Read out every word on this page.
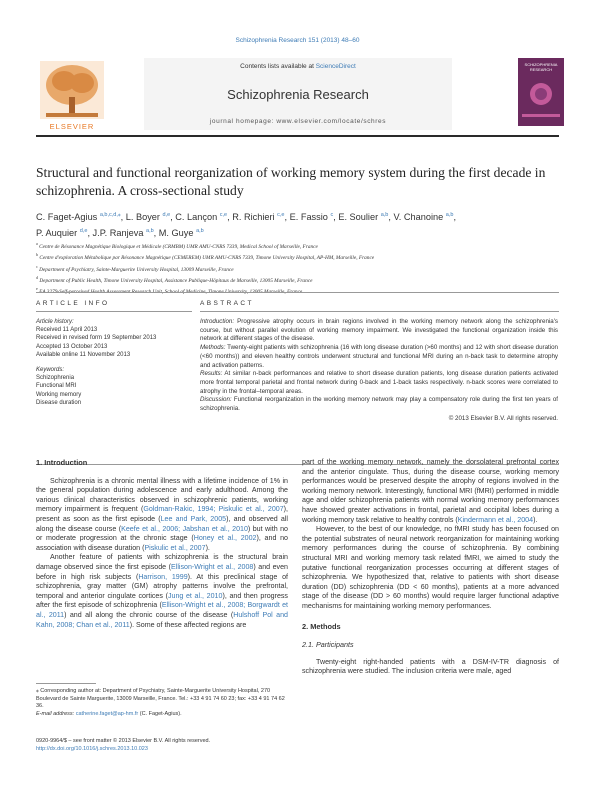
Schizophrenia Research 151 (2013) 48–60
Contents lists available at ScienceDirect
Schizophrenia Research
journal homepage: www.elsevier.com/locate/schres
ELSEVIER
SCHIZOPHRENIA RESEARCH
Structural and functional reorganization of working memory system during the first decade in schizophrenia. A cross-sectional study
C. Faget-Agius $^{a,b,c,d,⁎}$, L. Boyer $^{d,e}$, C. Lançon $^{c,e}$, R. Richieri $^{c,e}$, E. Fassio $^c$, E. Soulier $^{a,b}$, V. Chanoine $^{a,b}$,
P. Auquier $^{d,e}$, J.P. Ranjeva $^{a,b}$, M. Guye $^{a,b}$
$^a$ Centre de Résonance Magnétique Biologique et Médicale (CRMBM) UMR AMU-CNRS 7339, Medical School of Marseille, France
$^b$ Centre d'exploration Métabolique par Résonance Magnétique (CEMEREM) UMR AMU-CNRS 7339, Timone University Hospital, AP-HM, Marseille, France
$^c$ Department of Psychiatry, Sainte-Marguerite University Hospital, 13009 Marseille, France
$^d$ Department of Public Health, Timone University Hospital, Assistance Publique-Hôpitaux de Marseille, 13005 Marseille, France
$^e$
ARTICLE INFO	ABSTRACT
Article history:
Received 11 April 2013
Received in revised form 19 September 2013
Accepted 13 October 2013
Available online 11 November 2013
Keywords:
Schizophrenia
Functional MRI
Working memory
Disease duration
Introduction: Progressive atrophy occurs in brain regions involved in the working memory network along the schizophrenia's course, but without parallel evolution of working memory impairment. We investigated the functional organization inside this network at different stages of the disease.
Methods: Twenty-eight patients with schizophrenia (16 with long disease duration (>60 months) and 12 with short disease duration (<60 months)) and eleven healthy controls underwent structural and functional MRI during an n-back task to determine atrophy and activation patterns.
Results: At similar n-back performances and relative to short disease duration patients, long disease duration patients activated more frontal temporal parietal and frontal network during 0-back and 1-back tasks respectively. n-back scores were correlated to atrophy in the frontal–temporal areas.
Discussion: Functional reorganization in the working memory network may play a compensatory role during the first ten years of schizophrenia.
© 2013 Elsevier B.V. All rights reserved.
1. Introduction

Schizophrenia is a chronic mental illness with a lifetime incidence of 1% in the general population during adolescence and early adulthood. Among the various clinical characteristics observed in schizophrenic patients, working memory impairment is frequent (Goldman-Rakic, 1994; Piskulic et al., 2007), present as soon as the first episode (Lee and Park, 2005), and observed all along the disease course (Keefe et al., 2006; Jabshan et al., 2010) but with no or moderate progression at the chronic stage (Honey et al., 2002), and no association with disease duration (Piskulic et al., 2007).

Another feature of patients with schizophrenia is the structural brain damage observed since the first episode (Ellison-Wright et al., 2008) and even before in high risk subjects (Harrison, 1999). At this preclinical stage of schizophrenia, gray matter (GM) atrophy patterns involve the prefrontal, temporal and anterior cingulate cortices (Jung et al., 2010), and then progress after the first episode of schizophrenia (Ellison-Wright et al., 2008; Borgwardt et al., 2011) and all along the chronic course of the disease (Hulshoff Pol and Kahn, 2008; Chan et al., 2011). Some of these affected regions are

part of the working memory network, namely the dorsolateral prefrontal cortex and the anterior cingulate. Thus, during the disease course, working memory performances would be preserved despite the atrophy of regions involved in the working memory network. Interestingly, functional MRI (fMRI) performed in middle age and older schizophrenia patients with normal working memory performances have showed greater activations in frontal, parietal and occipital lobes during a working memory task relative to healthy controls (Kindermann et al., 2004).

However, to the best of our knowledge, no fMRI study has been focused on the potential substrates of neural network reorganization for maintaining working memory performances during the course of schizophrenia. By combining structural MRI and working memory task related fMRI, we aimed to study the putative functional reorganization processes occurring at different stages of schizophrenia. We hypothesized that, relative to patients with short disease duration (DD) schizophrenia (DD < 60 months), patients at a more advanced stage of the disease (DD > 60 months) would require larger functional adaptive mechanisms for maintaining working memory performances.

2. Methods
2.1. Participants

Twenty-eight right-handed patients with a DSM-IV-TR diagnosis of schizophrenia were studied. The inclusion criteria were male, aged

⁎ Corresponding author at: Department of Psychiatry, Sainte-Marguerite University Hospital, 270 Boulevard de Sainte Marguerite, 13009 Marseille, France. Tel.: +33 4 91 74 60 23; fax: +33 4 91 74 62 36.
E-mail address: catherine.faget@ap-hm.fr (C. Faget-Agius).
0920-9964/$ – see front matter © 2013 Elsevier B.V. All rights reserved.
http://dx.doi.org/10.1016/j.schres.2013.10.023
